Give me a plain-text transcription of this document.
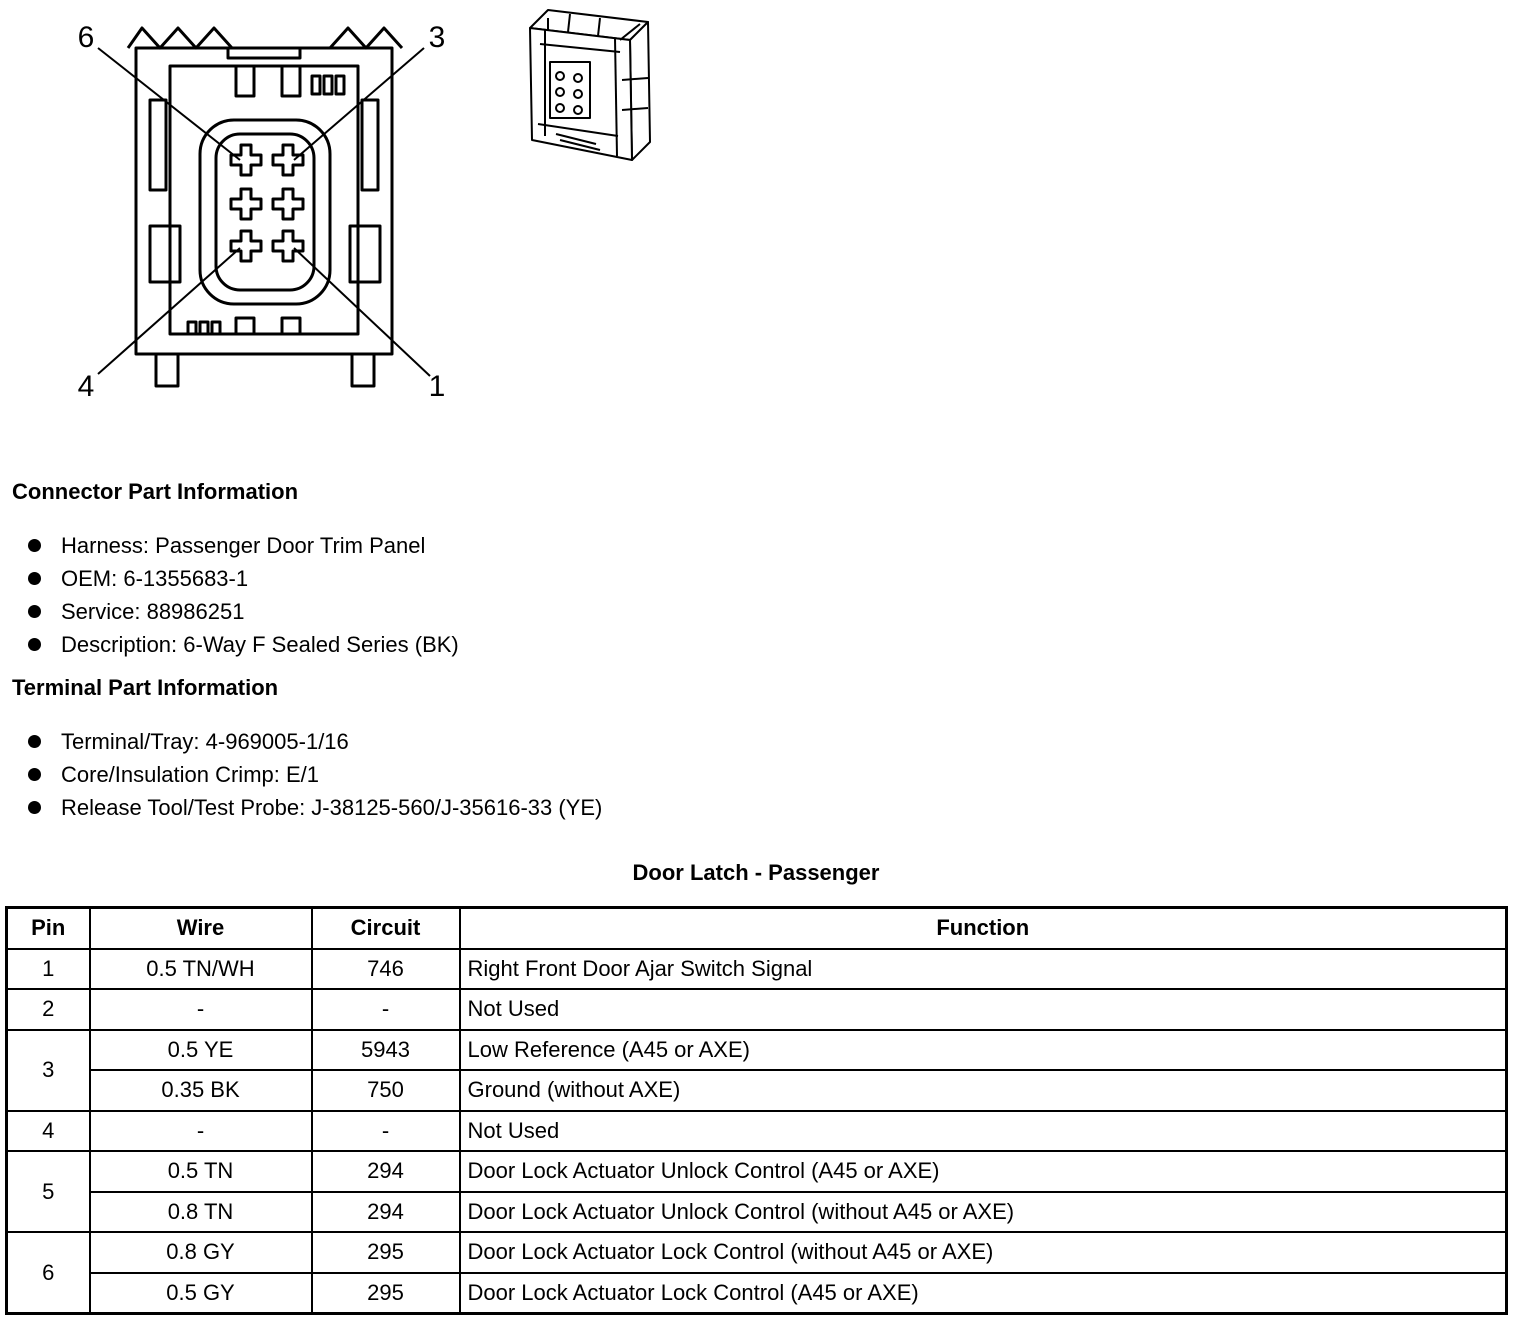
6	3
4	1
Connector Part Information
Harness: Passenger Door Trim Panel
OEM: 6-1355683-1
Service: 88986251
Description: 6-Way F Sealed Series (BK)
Terminal Part Information
Terminal/Tray: 4-969005-1/16
Core/Insulation Crimp: E/1
Release Tool/Test Probe: J-38125-560/J-35616-33 (YE)
Door Latch - Passenger
Pin	Wire	Circuit	Function
1	0.5 TN/WH	746	Right Front Door Ajar Switch Signal
2	-	-	Not Used
3	0.5 YE	5943	Low Reference (A45 or AXE)
	0.35 BK	750	Ground (without AXE)
4	-	-	Not Used
5	0.5 TN	294	Door Lock Actuator Unlock Control (A45 or AXE)
	0.8 TN	294	Door Lock Actuator Unlock Control (without A45 or AXE)
6	0.8 GY	295	Door Lock Actuator Lock Control (without A45 or AXE)
	0.5 GY	295	Door Lock Actuator Lock Control (A45 or AXE)
